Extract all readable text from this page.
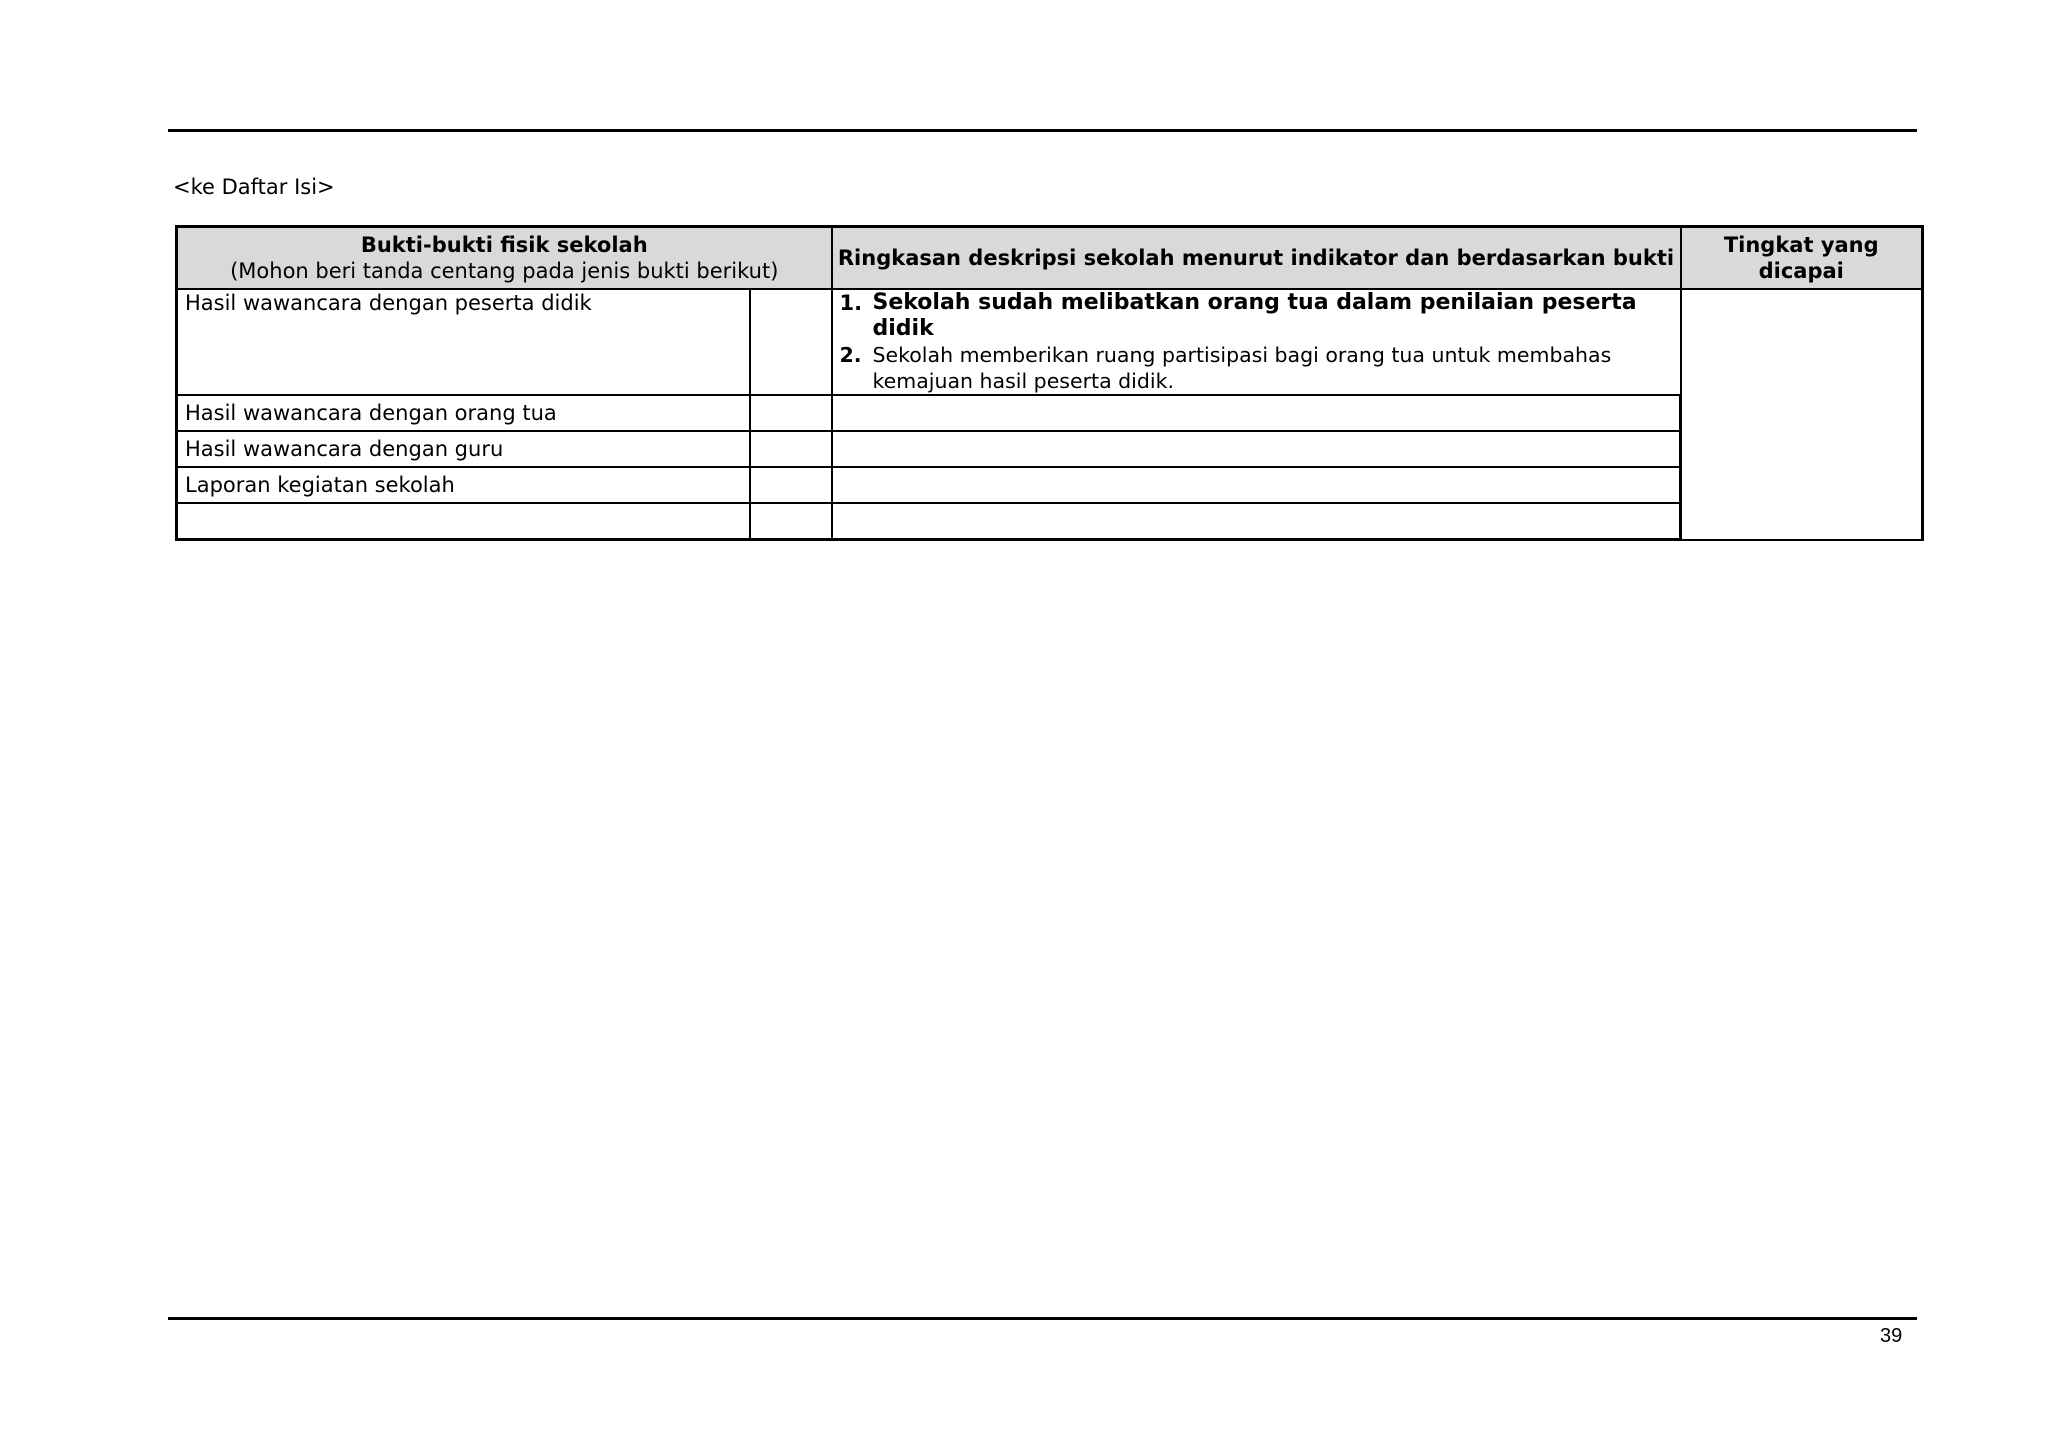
<ke Daftar Isi>
Bukti-bukti fisik sekolah
(Mohon beri tanda centang pada jenis bukti berikut)		Ringkasan deskripsi sekolah menurut indikator dan berdasarkan bukti	Tingkat yang
dicapai

Hasil wawancara dengan peserta didik		1. Sekolah sudah melibatkan orang tua dalam penilaian peserta didik
2. Sekolah memberikan ruang partisipasi bagi orang tua untuk membahas kemajuan hasil peserta didik.	

Hasil wawancara dengan orang tua			
Hasil wawancara dengan guru			
Laporan kegiatan sekolah			

39
